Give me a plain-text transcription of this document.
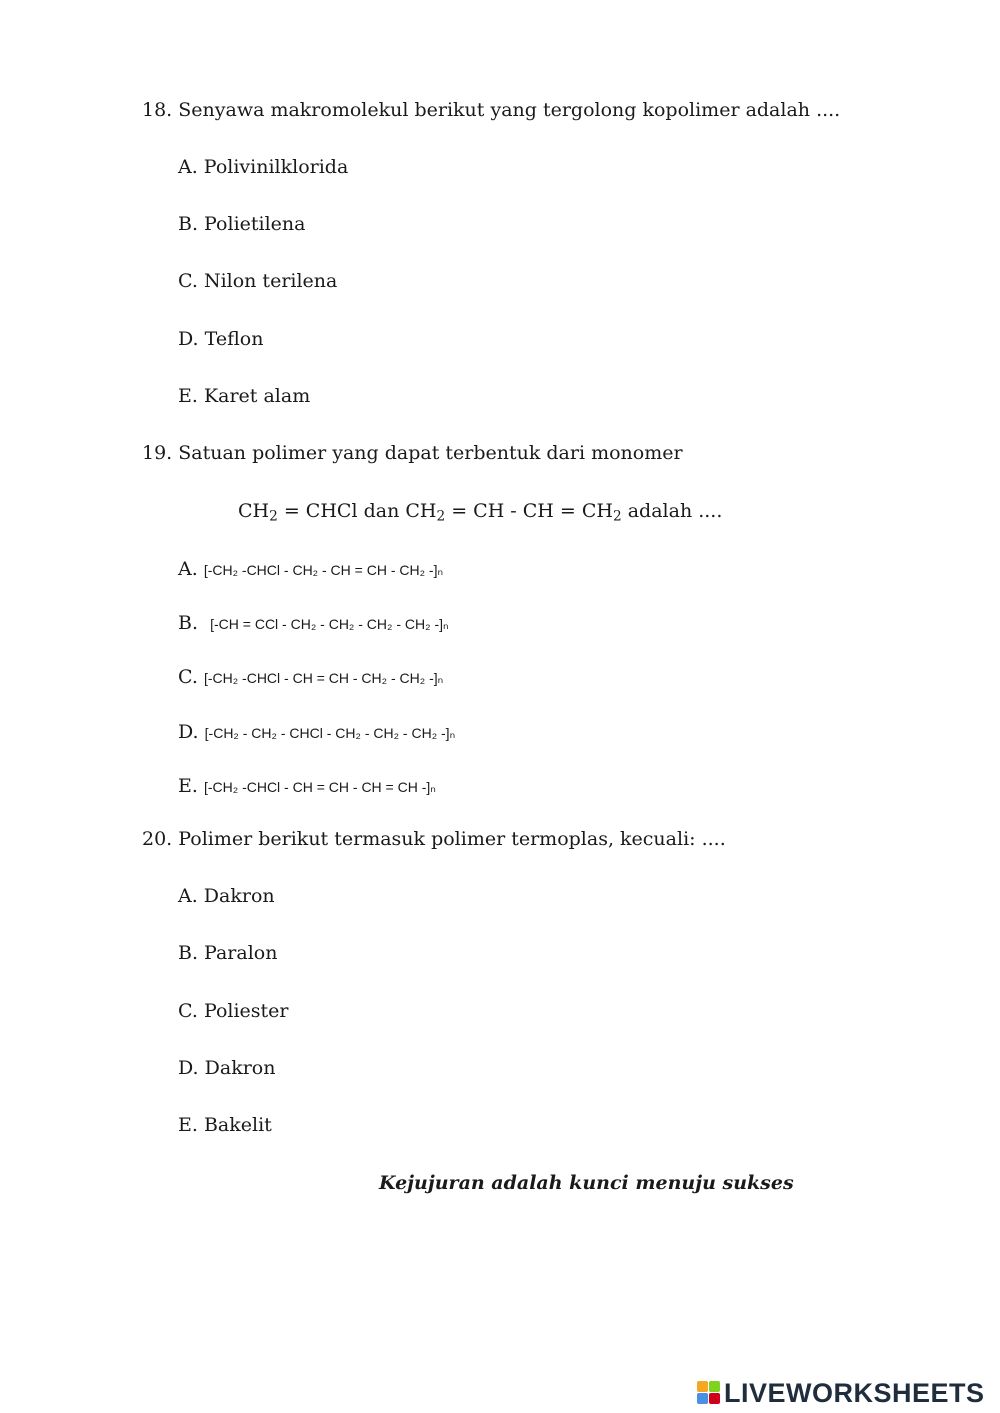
18. Senyawa makromolekul berikut yang tergolong kopolimer adalah ....
A. Polivinilklorida
B. Polietilena
C. Nilon terilena
D. Teflon
E. Karet alam
19. Satuan polimer yang dapat terbentuk dari monomer
$CH_2$ = CHCl dan $CH_2$ = CH - CH = $CH_2$ adalah ....
A. [-CH₂ -CHCl - CH₂ - CH = CH - CH₂ -]ₙ
B. [-CH = CCl - CH₂ - CH₂ - CH₂ - CH₂ -]ₙ
C. [-CH₂ -CHCl - CH = CH - CH₂ - CH₂ -]ₙ
D. [-CH₂ - CH₂ - CHCl - CH₂ - CH₂ - CH₂ -]ₙ
E. [-CH₂ -CHCl - CH = CH - CH = CH -]ₙ
20. Polimer berikut termasuk polimer termoplas, kecuali: ....
A. Dakron
B. Paralon
C. Poliester
D. Dakron
E. Bakelit
Kejujuran adalah kunci menuju sukses
LIVEWORKSHEETS
